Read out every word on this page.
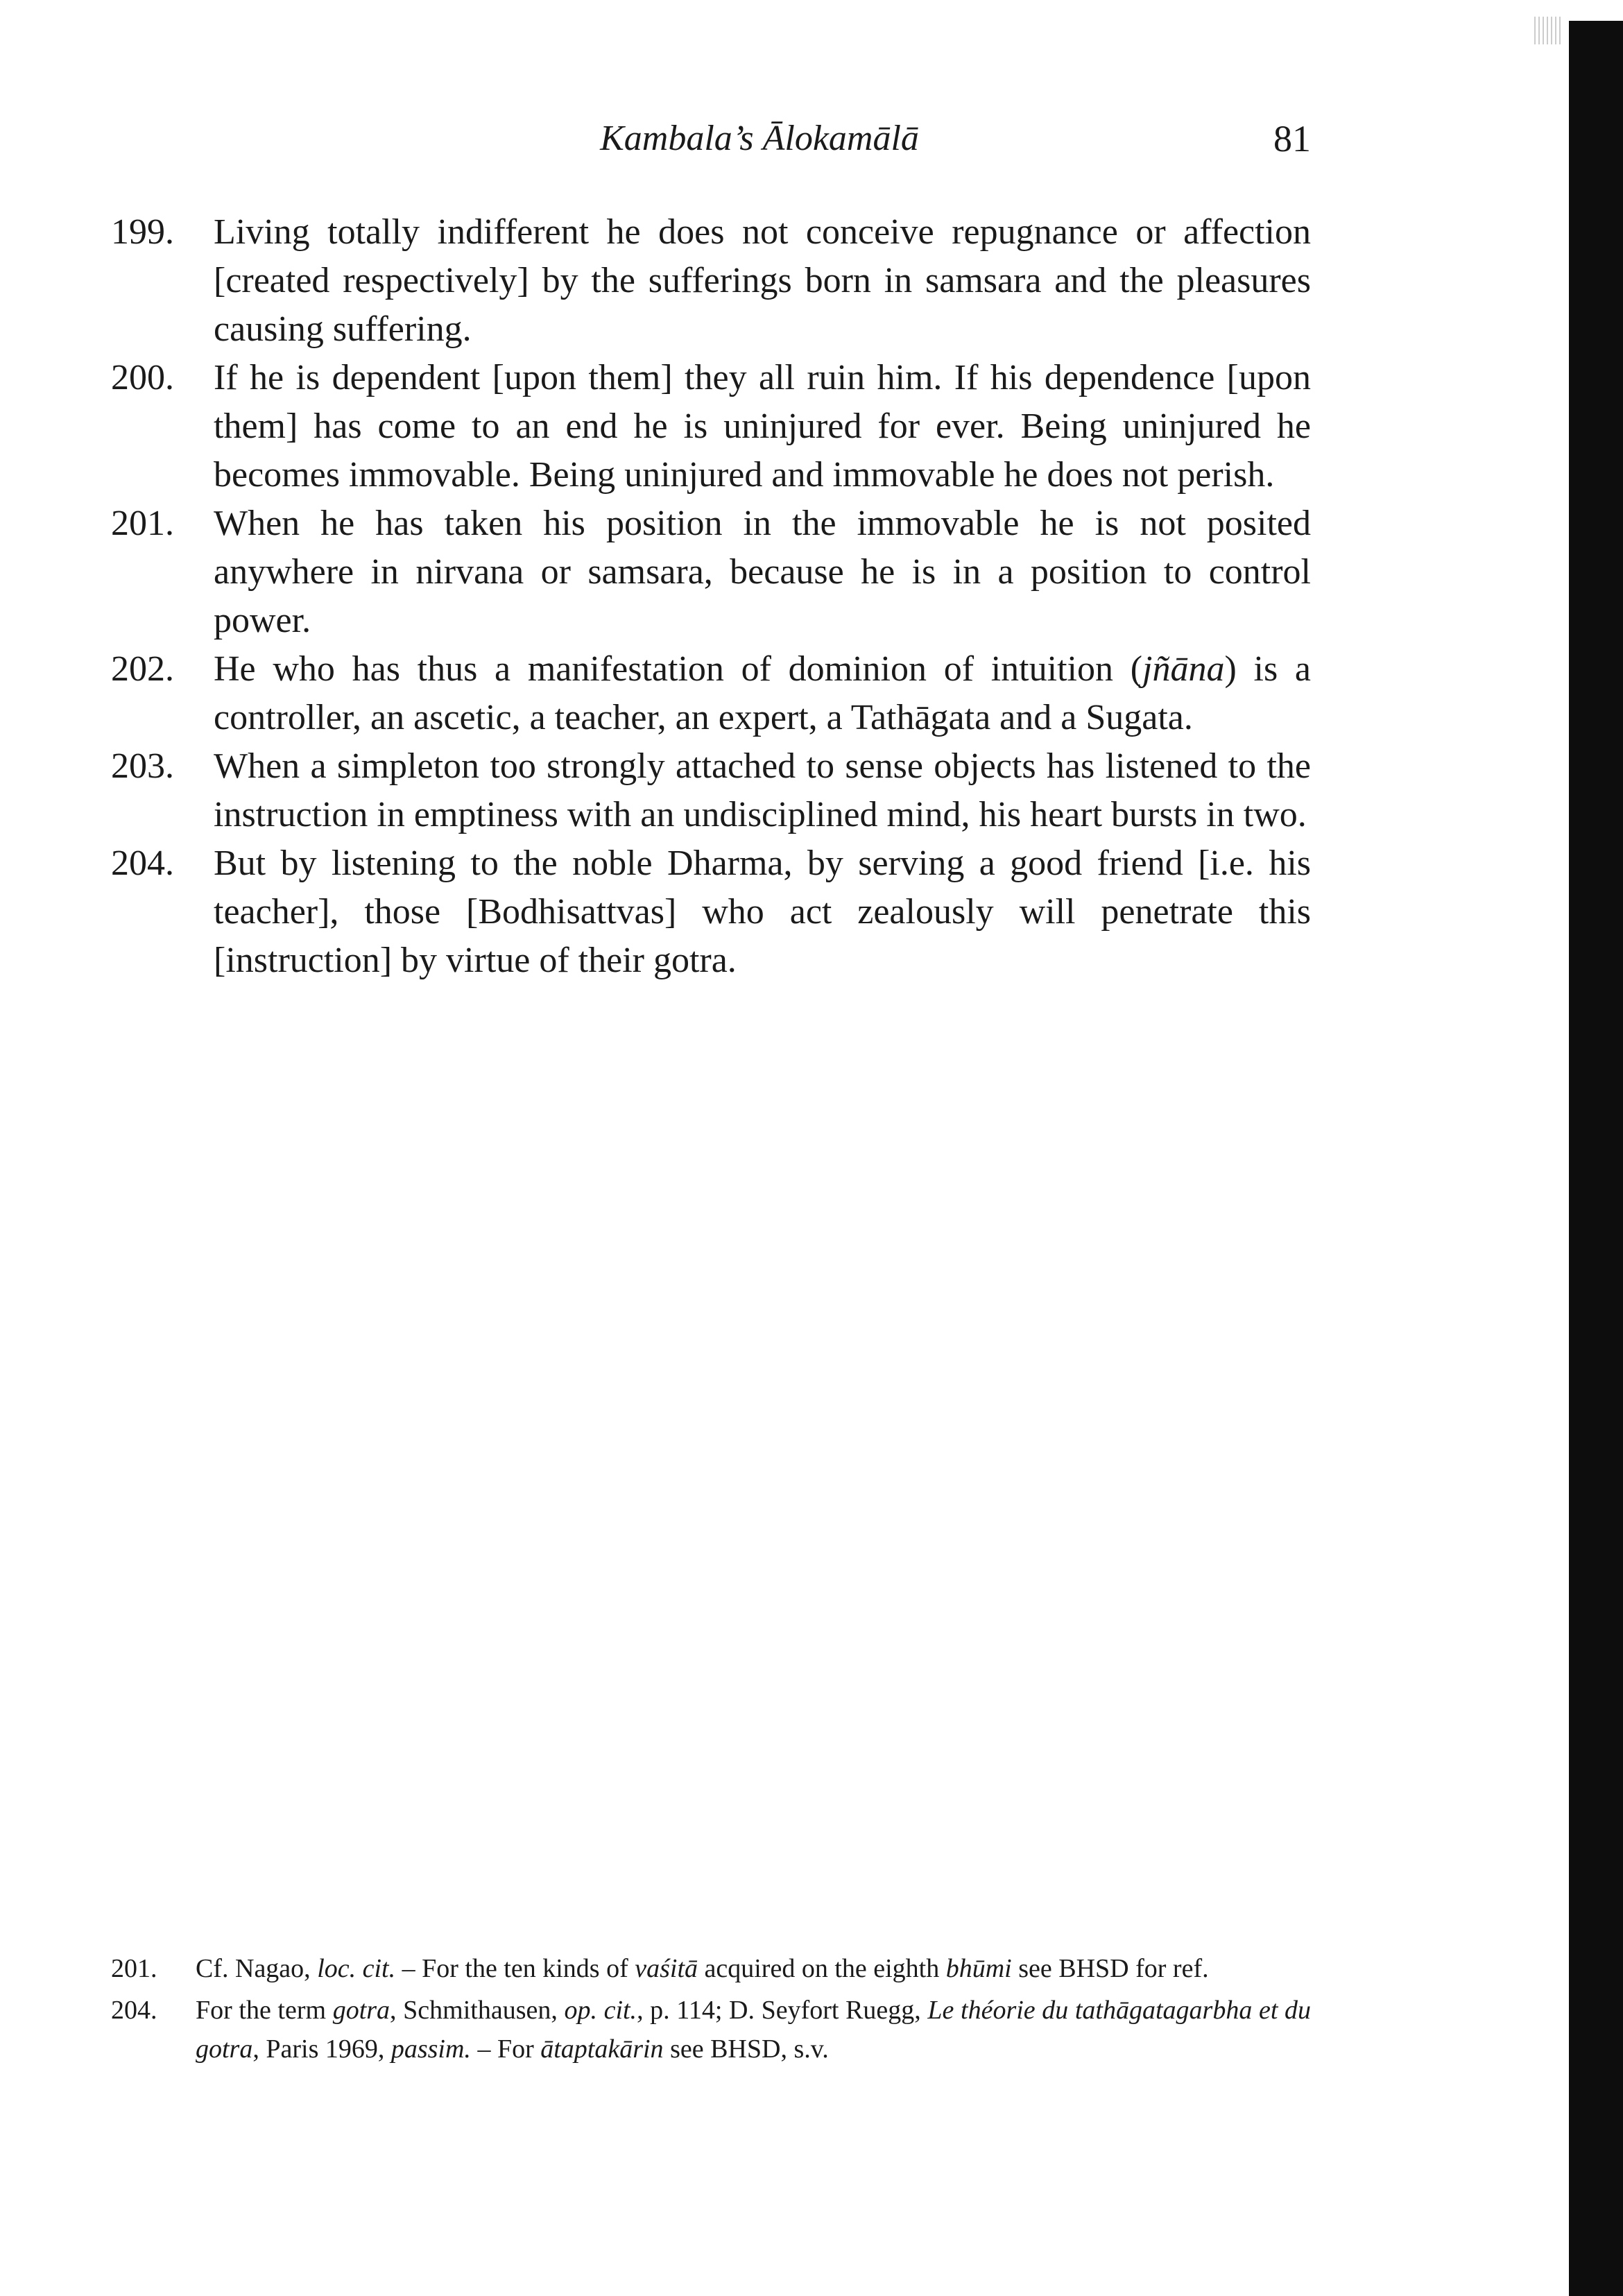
Kambala’s Ālokamālā	81
199.	Living totally indifferent he does not conceive repugnance or affection [created respectively] by the sufferings born in samsara and the pleasures causing suffering.
200.	If he is dependent [upon them] they all ruin him. If his dependence [upon them] has come to an end he is uninjured for ever. Being uninjured he becomes immovable. Being uninjured and immovable he does not perish.
201.	When he has taken his position in the immovable he is not posited anywhere in nirvana or samsara, because he is in a position to control power.
202.	He who has thus a manifestation of dominion of intuition (jñāna) is a controller, an ascetic, a teacher, an expert, a Tathāgata and a Sugata.
203.	When a simpleton too strongly attached to sense objects has listened to the instruction in emptiness with an undisciplined mind, his heart bursts in two.
204.	But by listening to the noble Dharma, by serving a good friend [i.e. his teacher], those [Bodhisattvas] who act zealously will penetrate this [instruction] by virtue of their gotra.
201.	Cf. Nagao, loc. cit. – For the ten kinds of vaśitā acquired on the eighth bhūmi see BHSD for ref.
204.	For the term gotra, Schmithausen, op. cit., p. 114; D. Seyfort Ruegg, Le théorie du tathāgatagarbha et du gotra, Paris 1969, passim. – For ātaptakārin see BHSD, s.v.
